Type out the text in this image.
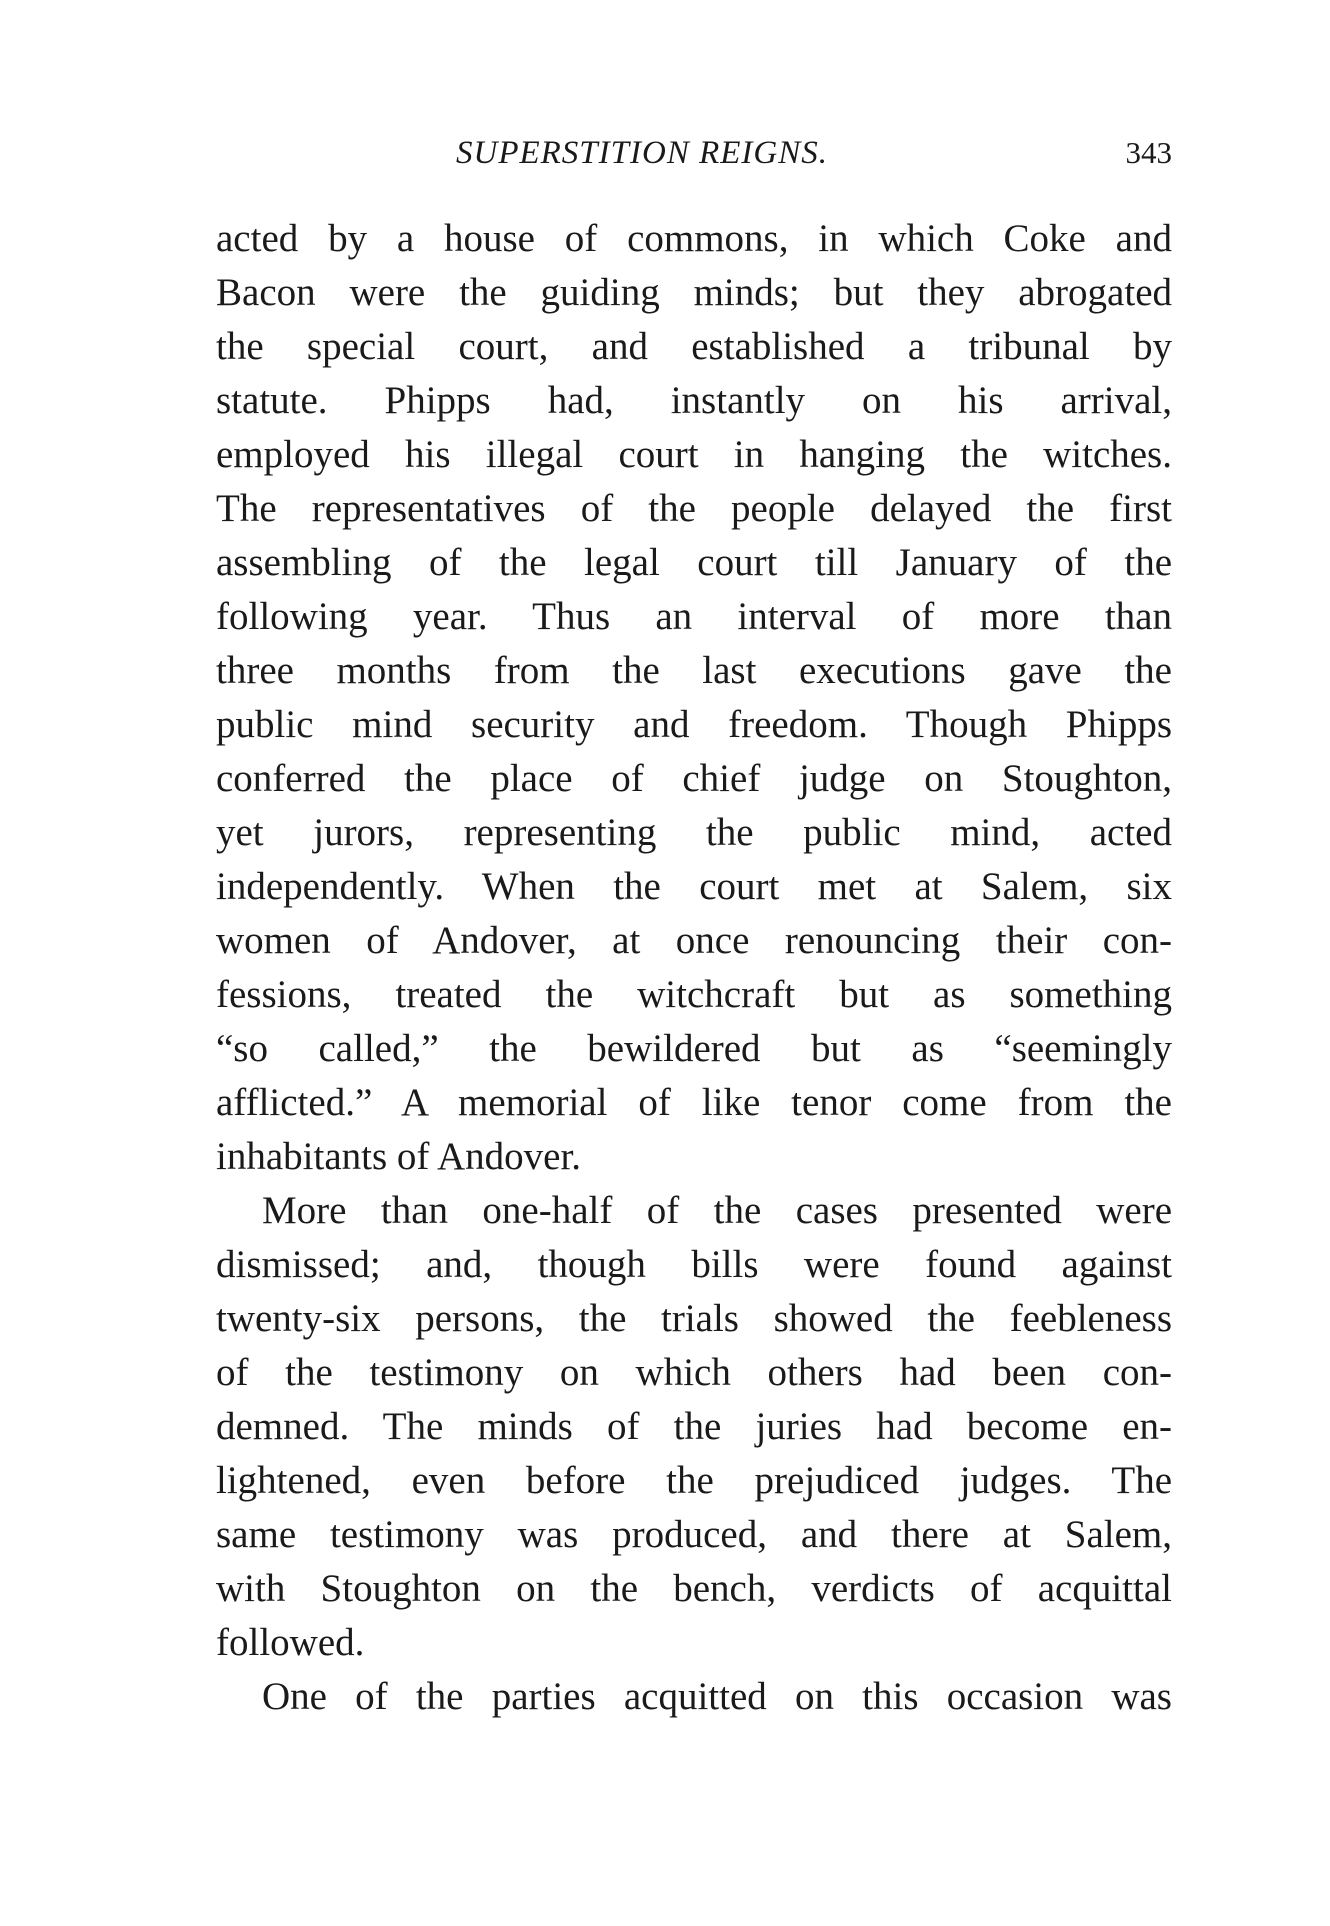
SUPERSTITION REIGNS.	343
acted by a house of commons, in which Coke and
Bacon were the guiding minds; but they abrogated
the special court, and established a tribunal by
statute. Phipps had, instantly on his arrival,
employed his illegal court in hanging the witches.
The representatives of the people delayed the first
assembling of the legal court till January of the
following year. Thus an interval of more than
three months from the last executions gave the
public mind security and freedom. Though Phipps
conferred the place of chief judge on Stoughton,
yet jurors, representing the public mind, acted
independently. When the court met at Salem, six
women of Andover, at once renouncing their con-
fessions, treated the witchcraft but as something
“so called,” the bewildered but as “seemingly
afflicted.” A memorial of like tenor come from the
inhabitants of Andover.
More than one-half of the cases presented were
dismissed; and, though bills were found against
twenty-six persons, the trials showed the feebleness
of the testimony on which others had been con-
demned. The minds of the juries had become en-
lightened, even before the prejudiced judges. The
same testimony was produced, and there at Salem,
with Stoughton on the bench, verdicts of acquittal
followed.
One of the parties acquitted on this occasion was
